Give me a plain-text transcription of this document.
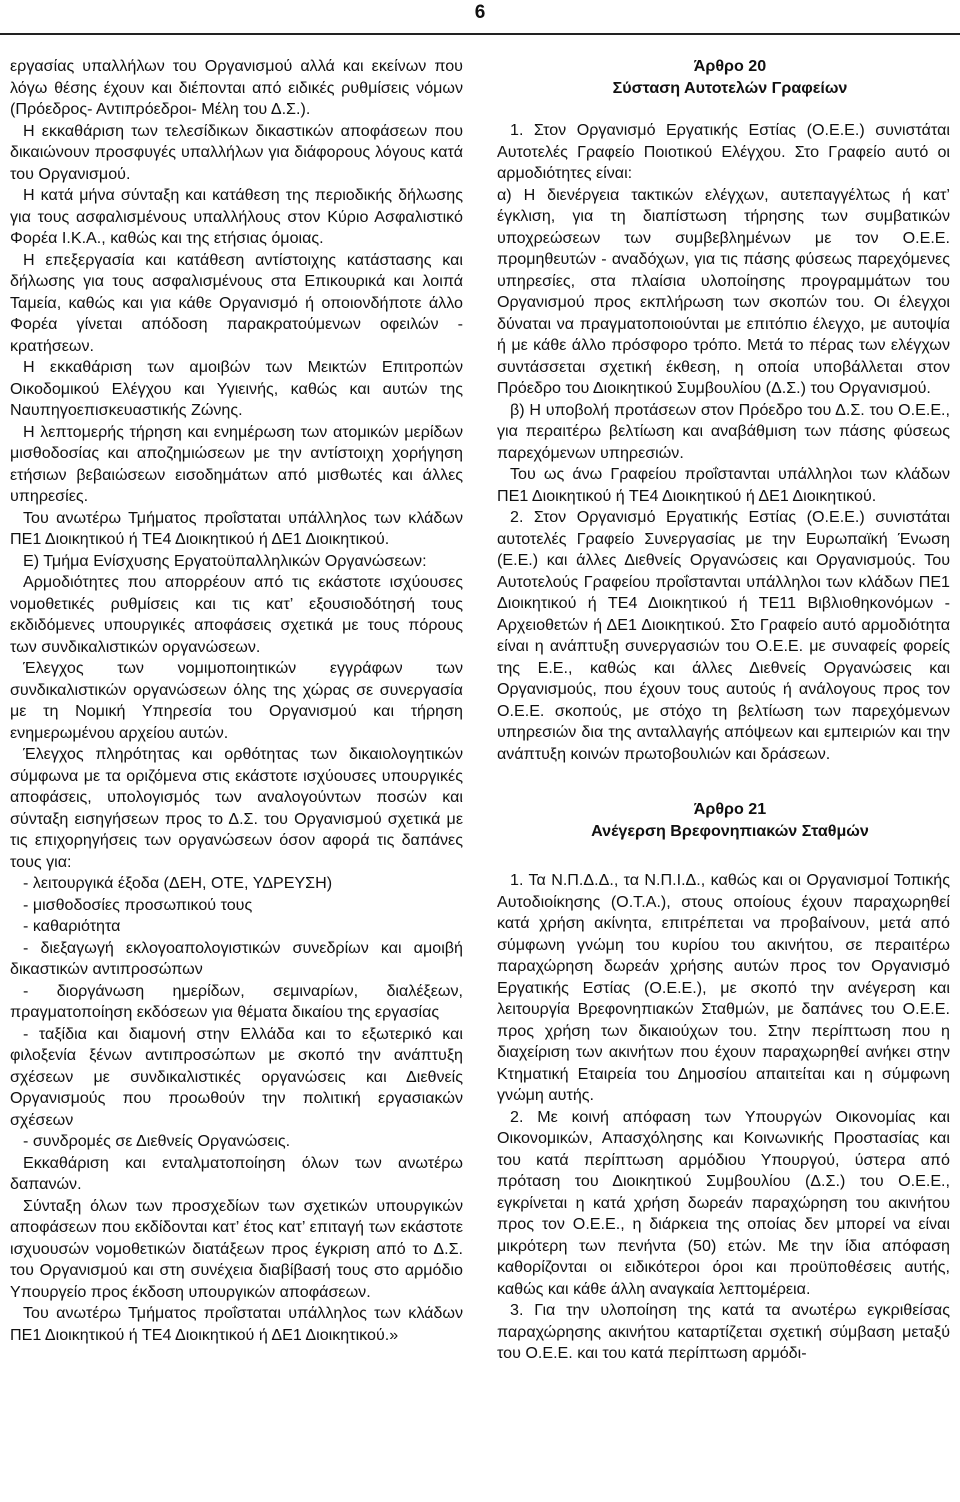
6

εργασίας υπαλλήλων του Οργανισμού αλλά και εκείνων που λόγω θέσης έχουν και διέπονται από ειδικές ρυθμίσεις νόμων (Πρόεδρος- Αντιπρόεδροι- Μέλη του Δ.Σ.).

Η εκκαθάριση των τελεσίδικων δικαστικών αποφάσεων που δικαιώνουν προσφυγές υπαλλήλων για διάφορους λόγους κατά του Οργανισμού.

Η κατά μήνα σύνταξη και κατάθεση της περιοδικής δήλωσης για τους ασφαλισμένους υπαλλήλους στον Κύριο Ασφαλιστικό Φορέα Ι.Κ.Α., καθώς και της ετήσιας όμοιας.

Η επεξεργασία και κατάθεση αντίστοιχης κατάστασης και δήλωσης για τους ασφαλισμένους στα Επικουρικά και λοιπά Ταμεία, καθώς και για κάθε Οργανισμό ή οποιονδήποτε άλλο Φορέα γίνεται απόδοση παρακρατούμενων οφειλών - κρατήσεων.

Η εκκαθάριση των αμοιβών των Μεικτών Επιτροπών Οικοδομικού Ελέγχου και Υγιεινής, καθώς και αυτών της Ναυπηγοεπισκευαστικής Ζώνης.

Η λεπτομερής τήρηση και ενημέρωση των ατομικών μερίδων μισθοδοσίας και αποζημιώσεων με την αντίστοιχη χορήγηση ετήσιων βεβαιώσεων εισοδημάτων από μισθωτές και άλλες υπηρεσίες.

Του ανωτέρω Τμήματος προΐσταται υπάλληλος των κλάδων ΠΕ1 Διοικητικού ή ΤΕ4 Διοικητικού ή ΔΕ1 Διοικητικού.

Ε) Τμήμα Ενίσχυσης Εργατοϋπαλληλικών Οργανώσεων:

Αρμοδιότητες που απορρέουν από τις εκάστοτε ισχύουσες νομοθετικές ρυθμίσεις και τις κατ’ εξουσιοδότησή τους εκδιδόμενες υπουργικές αποφάσεις σχετικά με τους πόρους των συνδικαλιστικών οργανώσεων.

Έλεγχος των νομιμοποιητικών εγγράφων των συνδικαλιστικών οργανώσεων όλης της χώρας σε συνεργασία με τη Νομική Υπηρεσία του Οργανισμού και τήρηση ενημερωμένου αρχείου αυτών.

Έλεγχος πληρότητας και ορθότητας των δικαιολογητικών σύμφωνα με τα οριζόμενα στις εκάστοτε ισχύουσες υπουργικές αποφάσεις, υπολογισμός των αναλογούντων ποσών και σύνταξη εισηγήσεων προς το Δ.Σ. του Οργανισμού σχετικά με τις επιχορηγήσεις των οργανώσεων όσον αφορά τις δαπάνες τους για:

- λειτουργικά έξοδα (ΔΕΗ, ΟΤΕ, ΥΔΡΕΥΣΗ)

- μισθοδοσίες προσωπικού τους

- καθαριότητα

- διεξαγωγή εκλογοαπολογιστικών συνεδρίων και αμοιβή δικαστικών αντιπροσώπων

- διοργάνωση ημερίδων, σεμιναρίων, διαλέξεων, πραγματοποίηση εκδόσεων για θέματα δικαίου της εργασίας

- ταξίδια και διαμονή στην Ελλάδα και το εξωτερικό και φιλοξενία ξένων αντιπροσώπων με σκοπό την ανάπτυξη σχέσεων με συνδικαλιστικές οργανώσεις και Διεθνείς Οργανισμούς που προωθούν την πολιτική εργασιακών σχέσεων

- συνδρομές σε Διεθνείς Οργανώσεις.

Εκκαθάριση και ενταλματοποίηση όλων των ανωτέρω δαπανών.

Σύνταξη όλων των προσχεδίων των σχετικών υπουργικών αποφάσεων που εκδίδονται κατ’ έτος κατ’ επιταγή των εκάστοτε ισχυουσών νομοθετικών διατάξεων προς έγκριση από το Δ.Σ. του Οργανισμού και στη συνέχεια διαβίβασή τους στο αρμόδιο Υπουργείο προς έκδοση υπουργικών αποφάσεων.

Του ανωτέρω Τμήματος προΐσταται υπάλληλος των κλάδων ΠΕ1 Διοικητικού ή ΤΕ4 Διοικητικού ή ΔΕ1 Διοικητικού.»

Άρθρο 20

Σύσταση Αυτοτελών Γραφείων

1. Στον Οργανισμό Εργατικής Εστίας (Ο.Ε.Ε.) συνιστάται Αυτοτελές Γραφείο Ποιοτικού Ελέγχου. Στο Γραφείο αυτό οι αρμοδιότητες είναι:

α) Η διενέργεια τακτικών ελέγχων, αυτεπαγγέλτως ή κατ’ έγκλιση, για τη διαπίστωση τήρησης των συμβατικών υποχρεώσεων των συμβεβλημένων με τον Ο.Ε.Ε. προμηθευτών - αναδόχων, για τις πάσης φύσεως παρεχόμενες υπηρεσίες, στα πλαίσια υλοποίησης προγραμμάτων του Οργανισμού προς εκπλήρωση των σκοπών του. Οι έλεγχοι δύναται να πραγματοποιούνται με επιτόπιο έλεγχο, με αυτοψία ή με κάθε άλλο πρόσφορο τρόπο. Μετά το πέρας των ελέγχων συντάσσεται σχετική έκθεση, η οποία υποβάλλεται στον Πρόεδρο του Διοικητικού Συμβουλίου (Δ.Σ.) του Οργανισμού.

β) Η υποβολή προτάσεων στον Πρόεδρο του Δ.Σ. του Ο.Ε.Ε., για περαιτέρω βελτίωση και αναβάθμιση των πάσης φύσεως παρεχόμενων υπηρεσιών.

Του ως άνω Γραφείου προΐστανται υπάλληλοι των κλάδων ΠΕ1 Διοικητικού ή ΤΕ4 Διοικητικού ή ΔΕ1 Διοικητικού.

2. Στον Οργανισμό Εργατικής Εστίας (Ο.Ε.Ε.) συνιστάται αυτοτελές Γραφείο Συνεργασίας με την Ευρωπαϊκή Ένωση (Ε.Ε.) και άλλες Διεθνείς Οργανώσεις και Οργανισμούς. Του Αυτοτελούς Γραφείου προΐστανται υπάλληλοι των κλάδων ΠΕ1 Διοικητικού ή ΤΕ4 Διοικητικού ή ΤΕ11 Βιβλιοθηκονόμων - Αρχειοθετών ή ΔΕ1 Διοικητικού. Στο Γραφείο αυτό αρμοδιότητα είναι η ανάπτυξη συνεργασιών του Ο.Ε.Ε. με συναφείς φορείς της Ε.Ε., καθώς και άλλες Διεθνείς Οργανώσεις και Οργανισμούς, που έχουν τους αυτούς ή ανάλογους προς τον Ο.Ε.Ε. σκοπούς, με στόχο τη βελτίωση των παρεχόμενων υπηρεσιών δια της ανταλλαγής απόψεων και εμπειριών και την ανάπτυξη κοινών πρωτοβουλιών και δράσεων.

Άρθρο 21

Ανέγερση Βρεφονηπιακών Σταθμών

1. Τα Ν.Π.Δ.Δ., τα Ν.Π.Ι.Δ., καθώς και οι Οργανισμοί Τοπικής Αυτοδιοίκησης (Ο.Τ.Α.), στους οποίους έχουν παραχωρηθεί κατά χρήση ακίνητα, επιτρέπεται να προβαίνουν, μετά από σύμφωνη γνώμη του κυρίου του ακινήτου, σε περαιτέρω παραχώρηση δωρεάν χρήσης αυτών προς τον Οργανισμό Εργατικής Εστίας (Ο.Ε.Ε.), με σκοπό την ανέγερση και λειτουργία Βρεφονηπιακών Σταθμών, με δαπάνες του Ο.Ε.Ε. προς χρήση των δικαιούχων του. Στην περίπτωση που η διαχείριση των ακινήτων που έχουν παραχωρηθεί ανήκει στην Κτηματική Εταιρεία του Δημοσίου απαιτείται και η σύμφωνη γνώμη αυτής.

2. Με κοινή απόφαση των Υπουργών Οικονομίας και Οικονομικών, Απασχόλησης και Κοινωνικής Προστασίας και του κατά περίπτωση αρμόδιου Υπουργού, ύστερα από πρόταση του Διοικητικού Συμβουλίου (Δ.Σ.) του Ο.Ε.Ε., εγκρίνεται η κατά χρήση δωρεάν παραχώρηση του ακινήτου προς τον Ο.Ε.Ε., η διάρκεια της οποίας δεν μπορεί να είναι μικρότερη των πενήντα (50) ετών. Με την ίδια απόφαση καθορίζονται οι ειδικότεροι όροι και προϋποθέσεις αυτής, καθώς και κάθε άλλη αναγκαία λεπτομέρεια.

3. Για την υλοποίηση της κατά τα ανωτέρω εγκριθείσας παραχώρησης ακινήτου καταρτίζεται σχετική σύμβαση μεταξύ του Ο.Ε.Ε. και του κατά περίπτωση αρμόδι-
